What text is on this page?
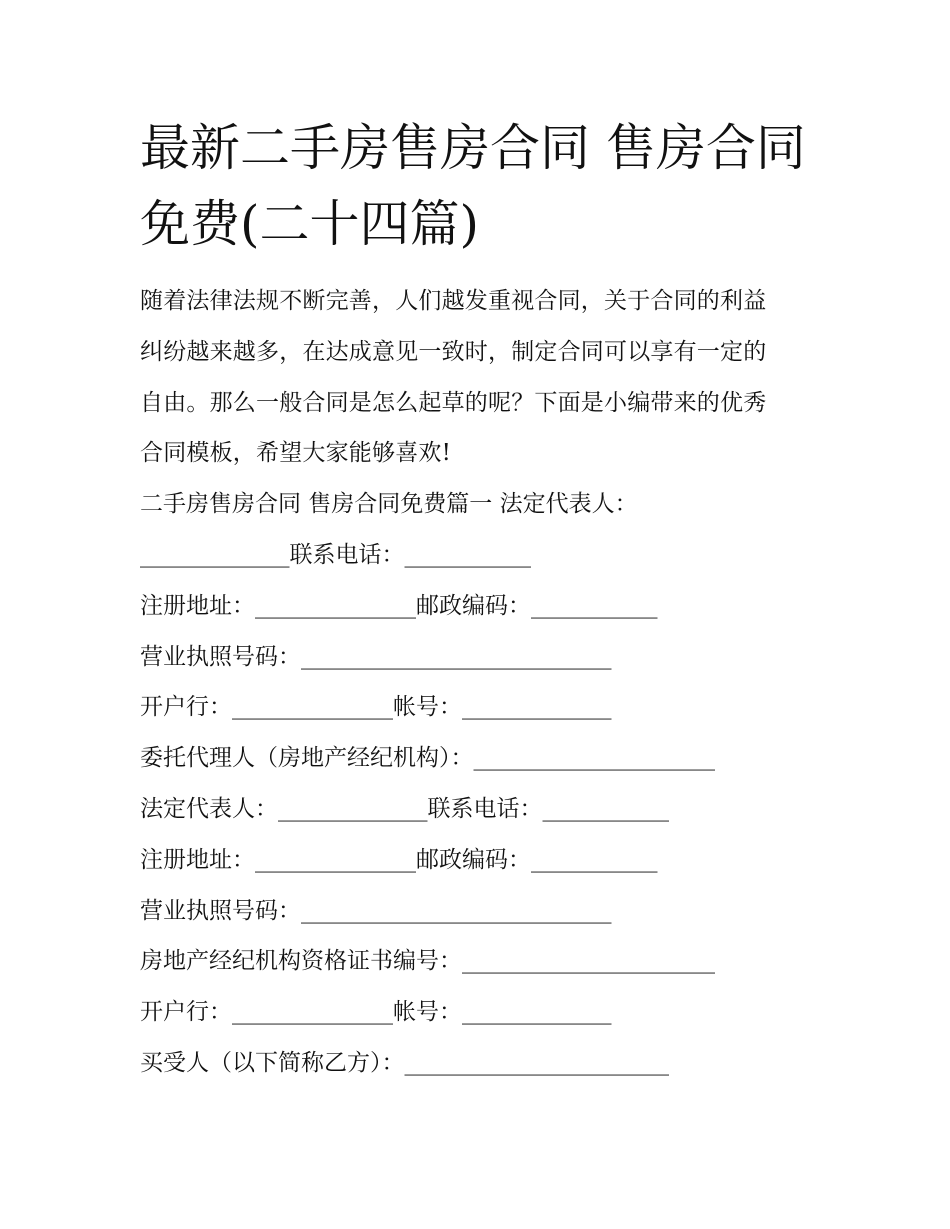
最新二手房售房合同 售房合同
免费(二十四篇)
随着法律法规不断完善，人们越发重视合同，关于合同的利益
纠纷越来越多，在达成意见一致时，制定合同可以享有一定的
自由。那么一般合同是怎么起草的呢？下面是小编带来的优秀
合同模板，希望大家能够喜欢!
二手房售房合同 售房合同免费篇一 法定代表人：
_____________联系电话：___________
注册地址：______________邮政编码：___________
营业执照号码：___________________________
开户行：______________帐号：_____________
委托代理人（房地产经纪机构）：_____________________
法定代表人：_____________联系电话：___________
注册地址：______________邮政编码：___________
营业执照号码：___________________________
房地产经纪机构资格证书编号：______________________
开户行：______________帐号：_____________
买受人（以下简称乙方）：_______________________
